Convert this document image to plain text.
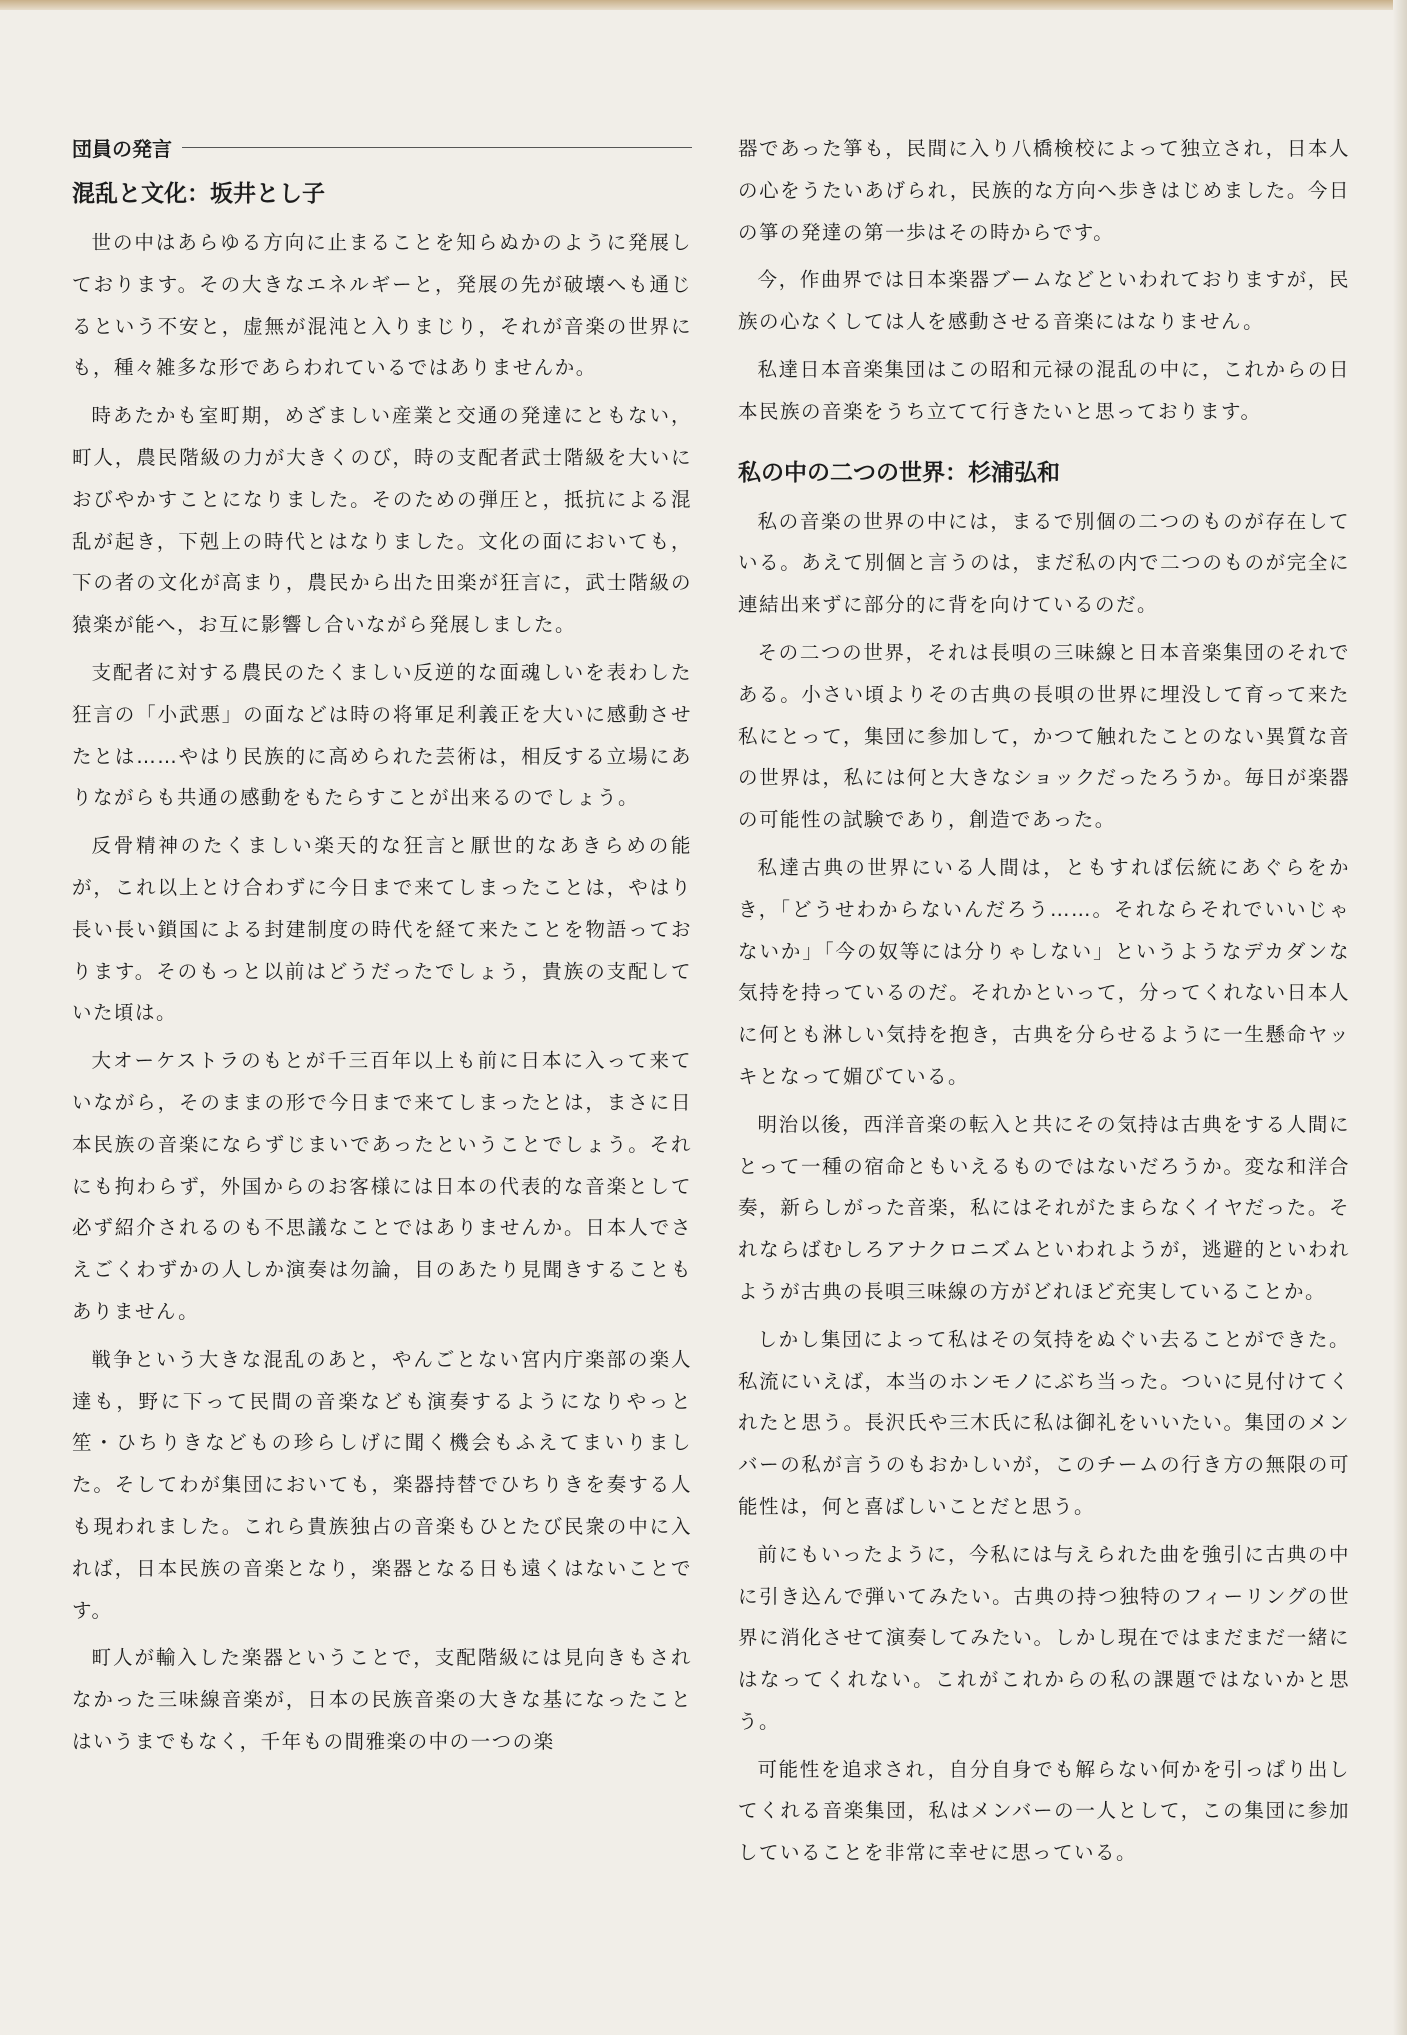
団員の発言
混乱と文化：坂井とし子

世の中はあらゆる方向に止まることを知らぬかのように発展しております。その大きなエネルギーと，発展の先が破壊へも通じるという不安と，虚無が混沌と入りまじり，それが音楽の世界にも，種々雑多な形であらわれているではありませんか。

時あたかも室町期，めざましい産業と交通の発達にともない，町人，農民階級の力が大きくのび，時の支配者武士階級を大いにおびやかすことになりました。そのための弾圧と，抵抗による混乱が起き，下剋上の時代とはなりました。文化の面においても，下の者の文化が高まり，農民から出た田楽が狂言に，武士階級の猿楽が能へ，お互に影響し合いながら発展しました。

支配者に対する農民のたくましい反逆的な面魂しいを表わした狂言の「小武悪」の面などは時の将軍足利義正を大いに感動させたとは……やはり民族的に高められた芸術は，相反する立場にありながらも共通の感動をもたらすことが出来るのでしょう。

反骨精神のたくましい楽天的な狂言と厭世的なあきらめの能が，これ以上とけ合わずに今日まで来てしまったことは，やはり長い長い鎖国による封建制度の時代を経て来たことを物語っております。そのもっと以前はどうだったでしょう，貴族の支配していた頃は。

大オーケストラのもとが千三百年以上も前に日本に入って来ていながら，そのままの形で今日まで来てしまったとは，まさに日本民族の音楽にならずじまいであったということでしょう。それにも拘わらず，外国からのお客様には日本の代表的な音楽として必ず紹介されるのも不思議なことではありませんか。日本人でさえごくわずかの人しか演奏は勿論，目のあたり見聞きすることもありません。

戦争という大きな混乱のあと，やんごとない宮内庁楽部の楽人達も，野に下って民間の音楽なども演奏するようになりやっと笙・ひちりきなどもの珍らしげに聞く機会もふえてまいりました。そしてわが集団においても，楽器持替でひちりきを奏する人も現われました。これら貴族独占の音楽もひとたび民衆の中に入れば，日本民族の音楽となり，楽器となる日も遠くはないことです。

町人が輸入した楽器ということで，支配階級には見向きもされなかった三味線音楽が，日本の民族音楽の大きな基になったことはいうまでもなく，千年もの間雅楽の中の一つの楽

器であった箏も，民間に入り八橋検校によって独立され，日本人の心をうたいあげられ，民族的な方向へ歩きはじめました。今日の箏の発達の第一歩はその時からです。

今，作曲界では日本楽器ブームなどといわれておりますが，民族の心なくしては人を感動させる音楽にはなりません。

私達日本音楽集団はこの昭和元禄の混乱の中に，これからの日本民族の音楽をうち立てて行きたいと思っております。

私の中の二つの世界：杉浦弘和

私の音楽の世界の中には，まるで別個の二つのものが存在している。あえて別個と言うのは，まだ私の内で二つのものが完全に連結出来ずに部分的に背を向けているのだ。

その二つの世界，それは長唄の三味線と日本音楽集団のそれである。小さい頃よりその古典の長唄の世界に埋没して育って来た私にとって，集団に参加して，かつて触れたことのない異質な音の世界は，私には何と大きなショックだったろうか。毎日が楽器の可能性の試験であり，創造であった。

私達古典の世界にいる人間は，ともすれば伝統にあぐらをかき，「どうせわからないんだろう……。それならそれでいいじゃないか」「今の奴等には分りゃしない」というようなデカダンな気持を持っているのだ。それかといって，分ってくれない日本人に何とも淋しい気持を抱き，古典を分らせるように一生懸命ヤッキとなって媚びている。

明治以後，西洋音楽の転入と共にその気持は古典をする人間にとって一種の宿命ともいえるものではないだろうか。変な和洋合奏，新らしがった音楽，私にはそれがたまらなくイヤだった。それならばむしろアナクロニズムといわれようが，逃避的といわれようが古典の長唄三味線の方がどれほど充実していることか。

しかし集団によって私はその気持をぬぐい去ることができた。私流にいえば，本当のホンモノにぶち当った。ついに見付けてくれたと思う。長沢氏や三木氏に私は御礼をいいたい。集団のメンバーの私が言うのもおかしいが，このチームの行き方の無限の可能性は，何と喜ばしいことだと思う。

前にもいったように，今私には与えられた曲を強引に古典の中に引き込んで弾いてみたい。古典の持つ独特のフィーリングの世界に消化させて演奏してみたい。しかし現在ではまだまだ一緒にはなってくれない。これがこれからの私の課題ではないかと思う。

可能性を追求され，自分自身でも解らない何かを引っぱり出してくれる音楽集団，私はメンバーの一人として，この集団に参加していることを非常に幸せに思っている。
